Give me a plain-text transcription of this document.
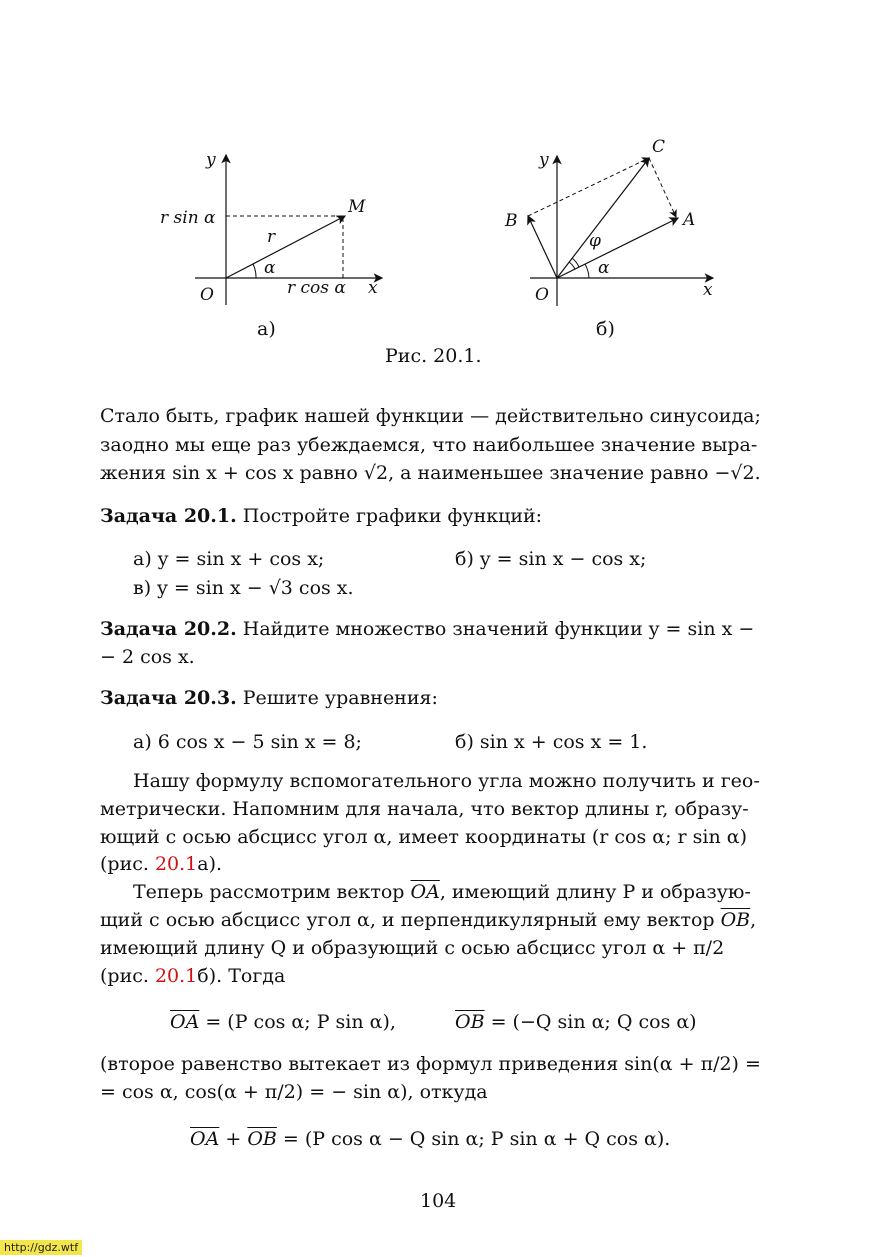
y
x
O
M
r
α
r sin α
r cos α
y
x
O
A
B
C
α
φ
а)	б)
Рис. 20.1.
Стало быть, график нашей функции — действительно синусоида;
заодно мы еще раз убеждаемся, что наибольшее значение выра-
жения sin x + cos x равно √2, а наименьшее значение равно −√2.
Задача 20.1. Постройте графики функций:
а) y = sin x + cos x;	б) y = sin x − cos x;
в) y = sin x − √3 cos x.
Задача 20.2. Найдите множество значений функции y = sin x −
− 2 cos x.
Задача 20.3. Решите уравнения:
а) 6 cos x − 5 sin x = 8;	б) sin x + cos x = 1.
Нашу формулу вспомогательного угла можно получить и гео-
метрически. Напомним для начала, что вектор длины r, образу-
ющий с осью абсцисс угол α, имеет координаты (r cos α; r sin α)
(рис. 20.1а).
Теперь рассмотрим вектор $\overline{OA}$, имеющий длину P и образую-
щий с осью абсцисс угол α, и перпендикулярный ему вектор $\overline{OB}$,
имеющий длину Q и образующий с осью абсцисс угол α + π/2
(рис. 20.1б). Тогда
$\overline{OA} = (P$ cos α; P sin α),	$\overline{OB} = (-Q$ sin α; Q cos α)
(второе равенство вытекает из формул приведения sin(α + π/2) =
= cos α, cos(α + π/2) = − sin α), откуда
$\overline{OA} + \overline{OB} = (P$ cos α − Q sin α; P sin α + Q cos α).
104
http://gdz.wtf
